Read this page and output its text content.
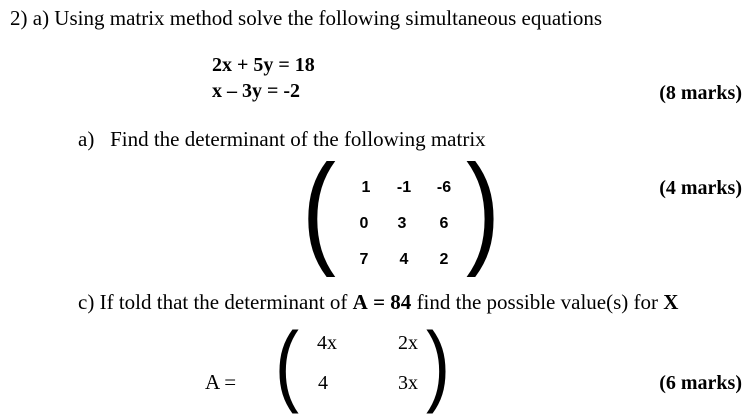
2) a) Using matrix method solve the following simultaneous equations
2x + 5y = 18
x – 3y = -2	(8 marks)
a) Find the determinant of the following matrix
( )
1	-1	-6
0	3	6
7	4	2
(4 marks)
c) If told that the determinant of A = 84 find the possible value(s) for X
A = ( )
4x	2x
4	3x	(6 marks)
